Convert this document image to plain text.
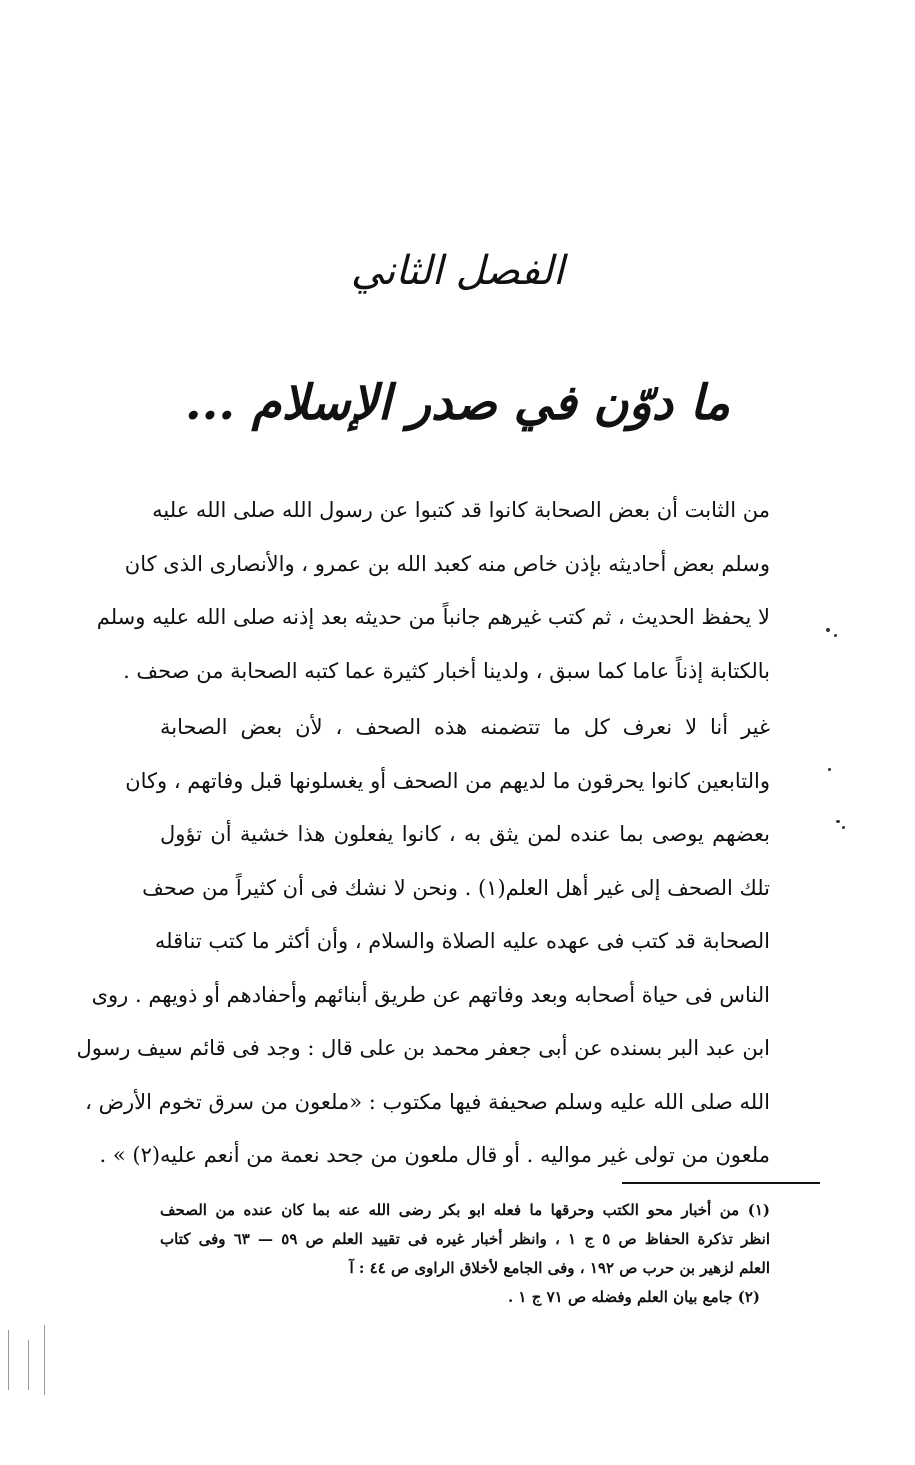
الفصل الثاني
ما دوّن في صدر الإسلام ...

من الثابت أن بعض الصحابة كانوا قد كتبوا عن رسول الله صلى الله عليه
وسلم بعض أحاديثه بإذن خاص منه كعبد الله بن عمرو ، والأنصارى الذى كان
لا يحفظ الحديث ، ثم كتب غيرهم جانباً من حديثه بعد إذنه صلى الله عليه وسلم
بالكتابة إذناً عاما كما سبق ، ولدينا أخبار كثيرة عما كتبه الصحابة من صحف .

غير أنا لا نعرف كل ما تتضمنه هذه الصحف ، لأن بعض الصحابة
والتابعين كانوا يحرقون ما لديهم من الصحف أو يغسلونها قبل وفاتهم ، وكان
بعضهم يوصى بما عنده لمن يثق به ، كانوا يفعلون هذا خشية أن تؤول
تلك الصحف إلى غير أهل العلم(١) . ونحن لا نشك فى أن كثيراً من صحف
الصحابة قد كتب فى عهده عليه الصلاة والسلام ، وأن أكثر ما كتب تناقله
الناس فى حياة أصحابه وبعد وفاتهم عن طريق أبنائهم وأحفادهم أو ذويهم . روى
ابن عبد البر بسنده عن أبى جعفر محمد بن على قال : وجد فى قائم سيف رسول
الله صلى الله عليه وسلم صحيفة فيها مكتوب : «ملعون من سرق تخوم الأرض ،
ملعون من تولى غير مواليه . أو قال ملعون من جحد نعمة من أنعم عليه(٢) » .

(١) من أخبار محو الكتب وحرقها ما فعله ابو بكر رضى الله عنه بما كان عنده من الصحف
انظر تذكرة الحفاظ ص ٥ ج ١ ، وانظر أخبار غيره فى تقييد العلم ص ٥٩ — ٦٣ وفى كتاب
العلم لزهير بن حرب ص ١٩٢ ، وفى الجامع لأخلاق الراوى ص ٤٤ : آ
(٢) جامع بيان العلم وفضله ص ٧١ ج ١ .
